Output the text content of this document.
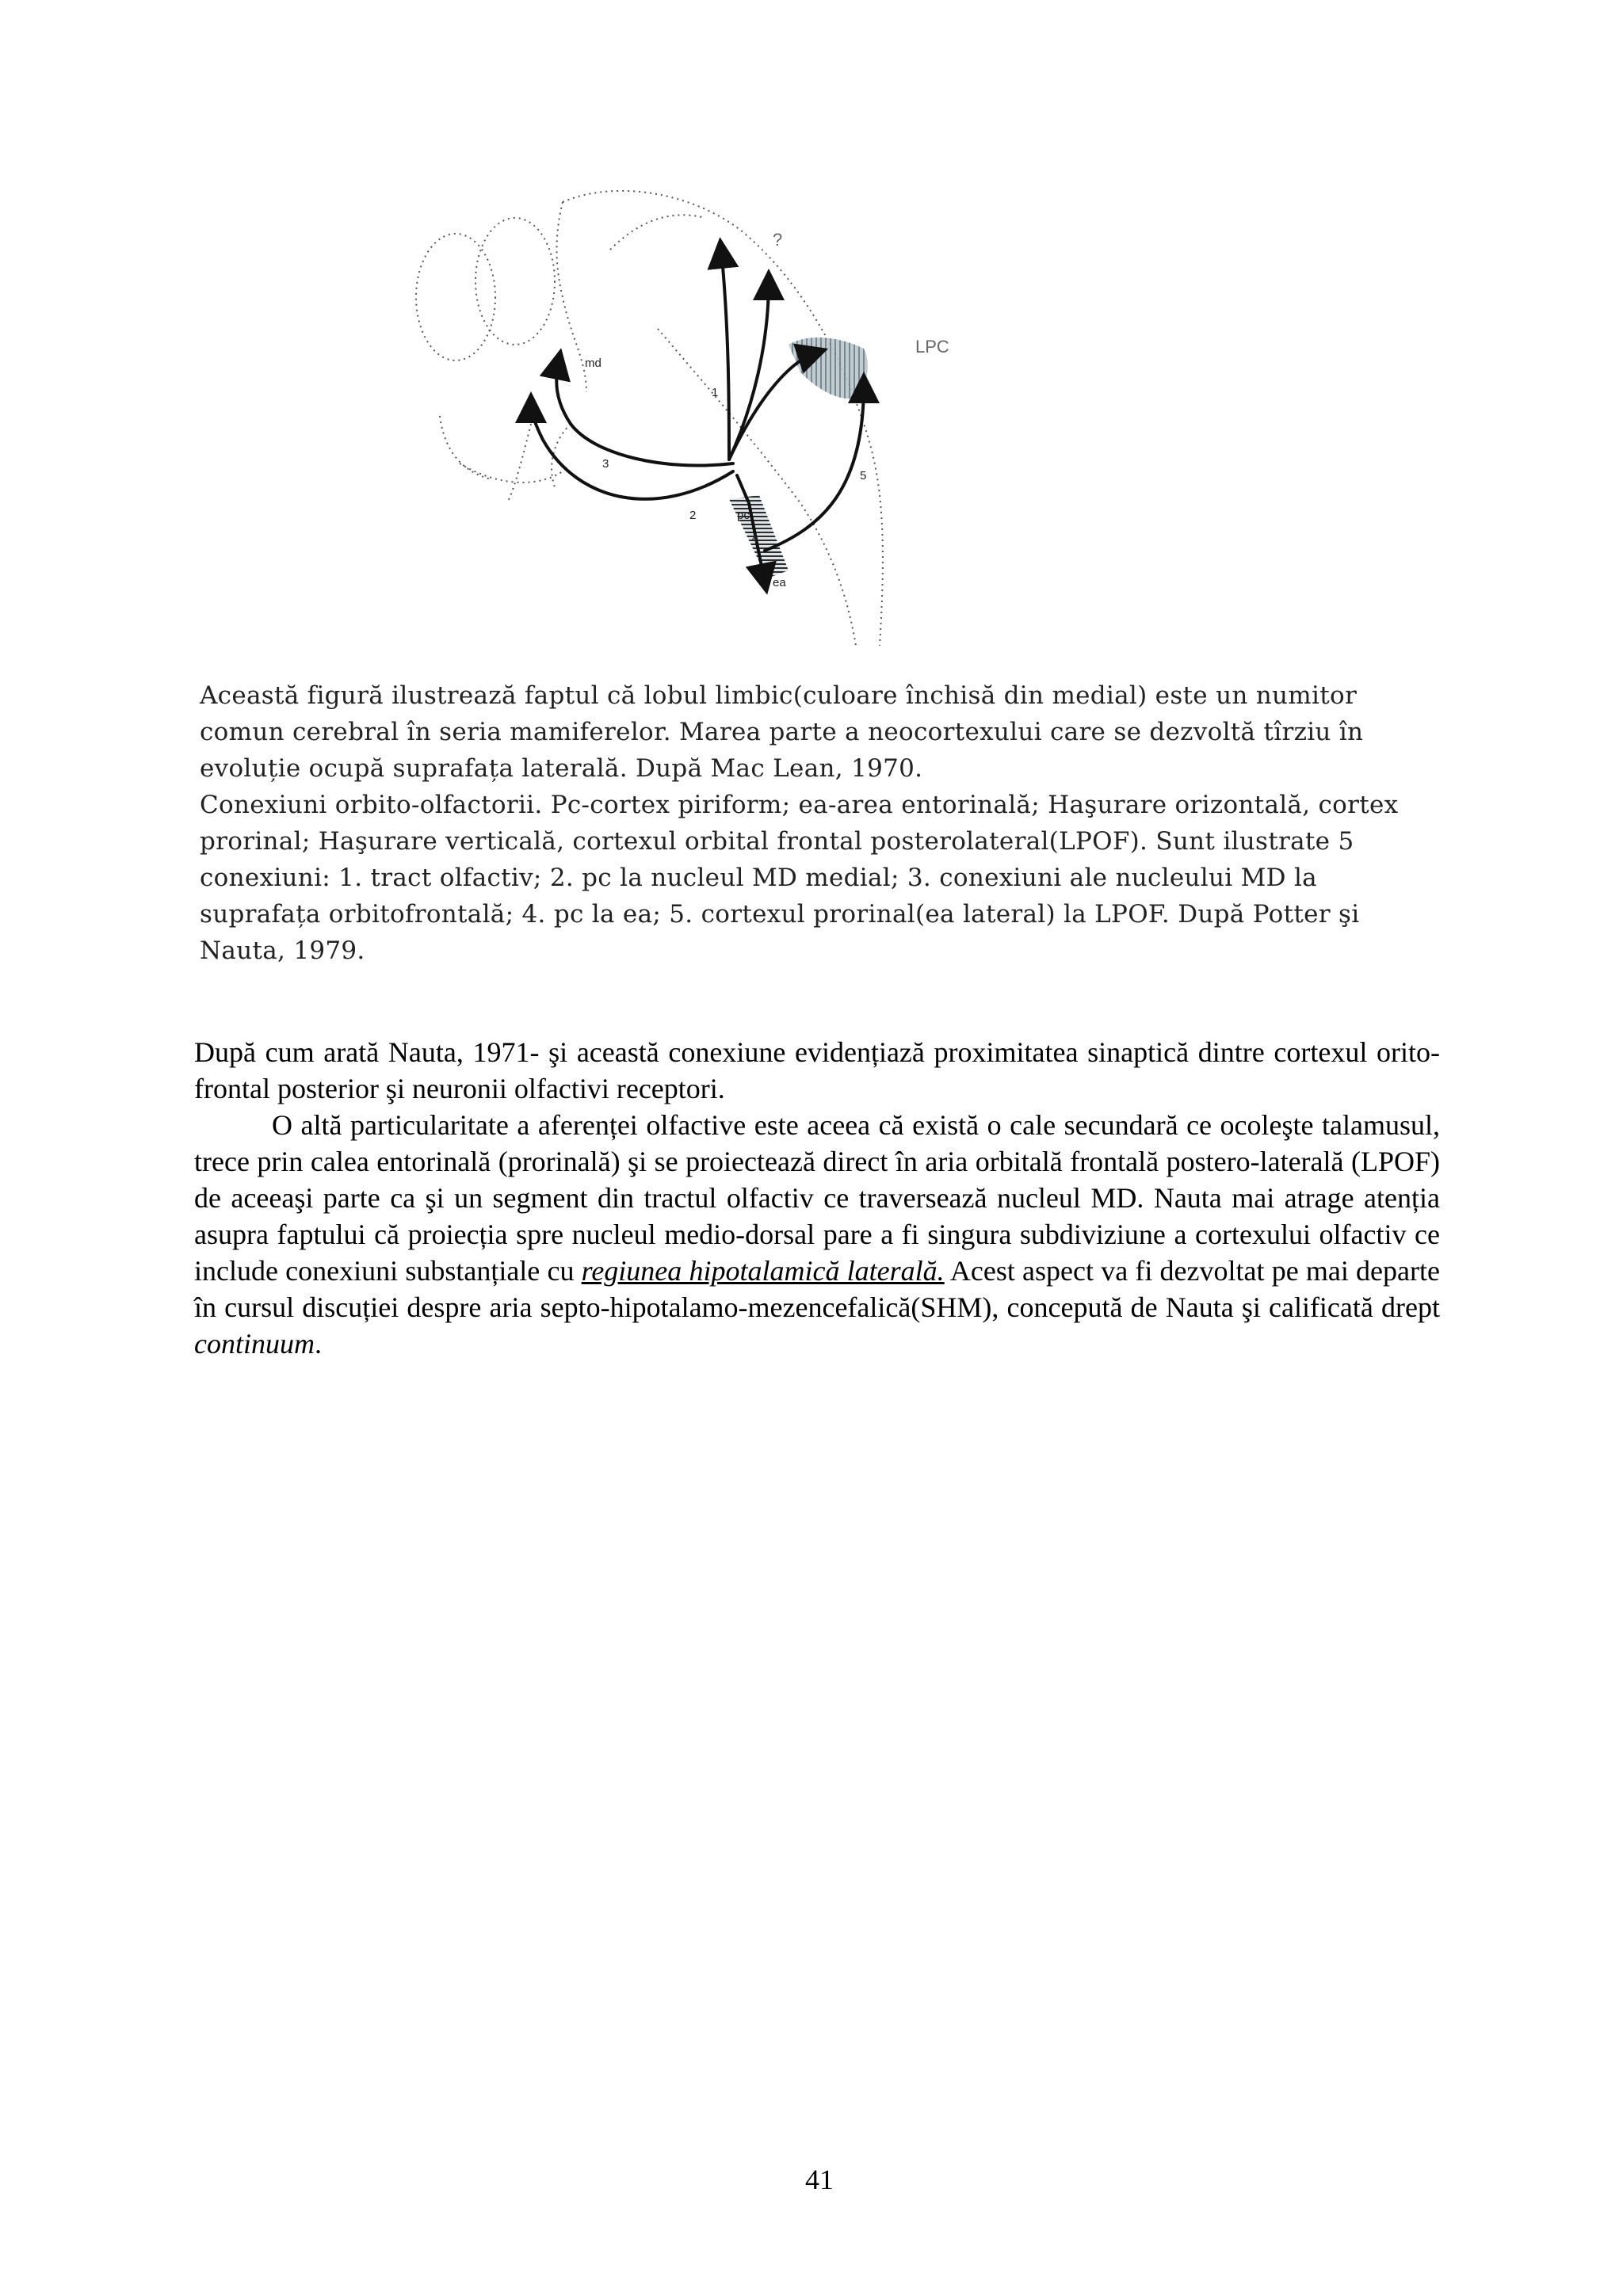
md
LPC
pc
ea
?
1
2
3
4
5

Această figură ilustrează faptul că lobul limbic(culoare închisă din medial) este un numitor comun cerebral în seria mamiferelor. Marea parte a neocortexului care se dezvoltă tîrziu în evoluție ocupă suprafața laterală. După Mac Lean, 1970.

Conexiuni orbito-olfactorii. Pc-cortex piriform; ea-area entorinală; Haşurare orizontală, cortex prorinal; Haşurare verticală, cortexul orbital frontal posterolateral(LPOF). Sunt ilustrate 5 conexiuni: 1. tract olfactiv; 2. pc la nucleul MD medial; 3. conexiuni ale nucleului MD la suprafața orbitofrontală; 4. pc la ea; 5. cortexul prorinal(ea lateral) la LPOF. După Potter şi Nauta, 1979.

După cum arată Nauta, 1971- şi această conexiune evidențiază proximitatea sinaptică dintre cortexul orito-frontal posterior şi neuronii olfactivi receptori.

O altă particularitate a aferenței olfactive este aceea că există o cale secundară ce ocoleşte talamusul, trece prin calea entorinală (prorinală) şi se proiectează direct în aria orbitală frontală postero-laterală (LPOF) de aceeaşi parte ca şi un segment din tractul olfactiv ce traversează nucleul MD. Nauta mai atrage atenția asupra faptului că proiecția spre nucleul medio-dorsal pare a fi singura subdiviziune a cortexului olfactiv ce include conexiuni substanțiale cu regiunea hipotalamică laterală. Acest aspect va fi dezvoltat pe mai departe în cursul discuției despre aria septo-hipotalamo-mezencefalică(SHM), concepută de Nauta şi calificată drept continuum.

41
